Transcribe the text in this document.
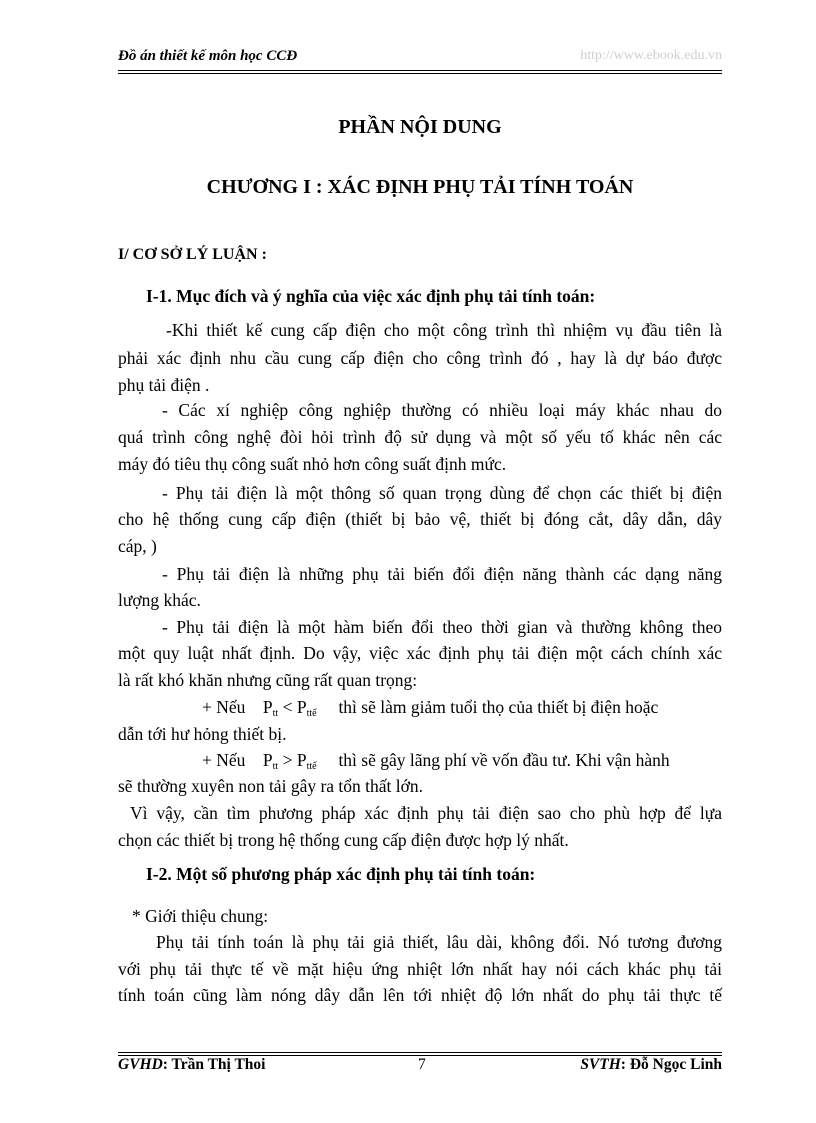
Đồ án thiết kế môn học CCĐ	http://www.ebook.edu.vn
PHẦN NỘI DUNG
CHƯƠNG I : XÁC ĐỊNH PHỤ TẢI TÍNH TOÁN
I/ CƠ SỞ LÝ LUẬN :
I-1. Mục đích và ý nghĩa của việc xác định phụ tải tính toán:
-Khi thiết kế cung cấp điện cho một công trình thì nhiệm vụ đầu tiên là
phải xác định nhu cầu cung cấp điện cho công trình đó , hay là dự báo được
phụ tải điện .
- Các xí nghiệp công nghiệp thường có nhiều loại máy khác nhau do
quá trình công nghệ đòi hỏi trình độ sử dụng và một số yếu tố khác nên các
máy đó tiêu thụ công suất nhỏ hơn công suất định mức.
- Phụ tải điện là một thông số quan trọng dùng để chọn các thiết bị điện
cho hệ thống cung cấp điện (thiết bị bảo vệ, thiết bị đóng cắt, dây dẫn, dây
cáp, )
- Phụ tải điện là những phụ tải biến đổi điện năng thành các dạng năng
lượng khác.
- Phụ tải điện là một hàm biến đổi theo thời gian và thường không theo
một quy luật nhất định. Do vậy, việc xác định phụ tải điện một cách chính xác
là rất khó khăn nhưng cũng rất quan trọng:
+ Nếu Ptt < Pttế thì sẽ làm giảm tuổi thọ của thiết bị điện hoặc
dẫn tới hư hỏng thiết bị.
+ Nếu Ptt > Pttế thì sẽ gây lãng phí về vốn đầu tư. Khi vận hành
sẽ thường xuyên non tải gây ra tổn thất lớn.
Vì vậy, cần tìm phương pháp xác định phụ tải điện sao cho phù hợp để lựa
chọn các thiết bị trong hệ thống cung cấp điện được hợp lý nhất.
I-2. Một số phương pháp xác định phụ tải tính toán:
* Giới thiệu chung:
Phụ tải tính toán là phụ tải giả thiết, lâu dài, không đổi. Nó tương đương
với phụ tải thực tế về mặt hiệu ứng nhiệt lớn nhất hay nói cách khác phụ tải
tính toán cũng làm nóng dây dẫn lên tới nhiệt độ lớn nhất do phụ tải thực tế
GVHD: Trần Thị Thoi	7	SVTH: Đỗ Ngọc Linh
